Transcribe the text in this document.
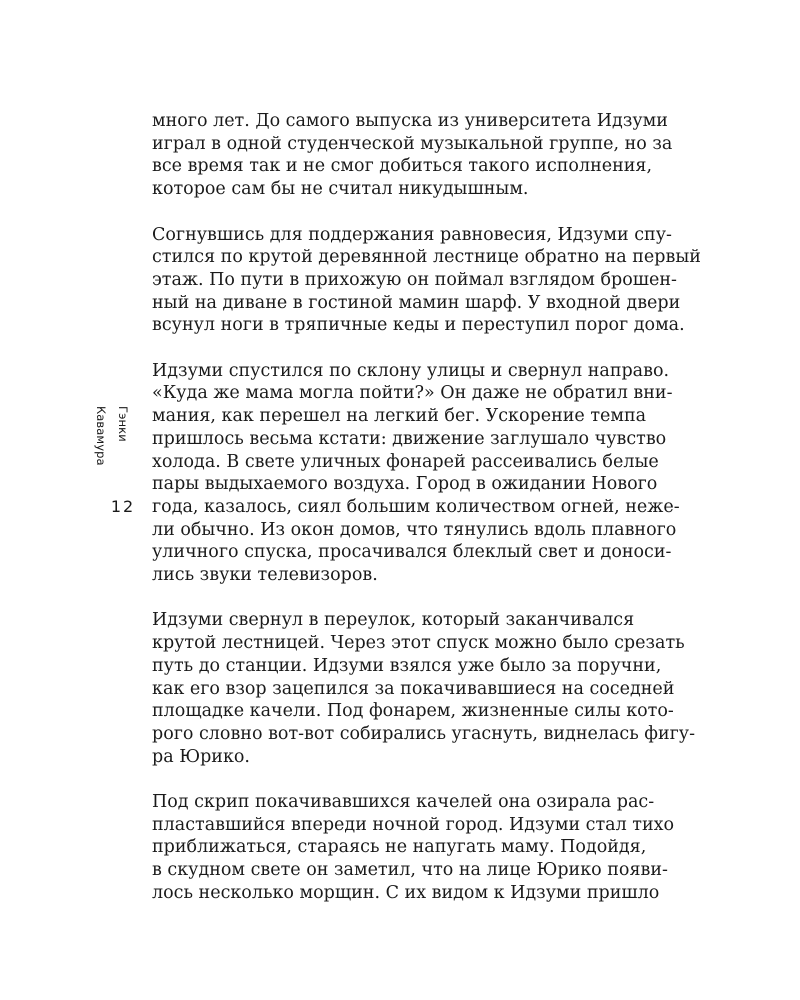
Гэнки Кавамура
12

много лет. До самого выпуска из университета Идзуми
играл в одной студенческой музыкальной группе, но за
все время так и не смог добиться такого исполнения,
которое сам бы не считал никудышным.

Согнувшись для поддержания равновесия, Идзуми спу-
стился по крутой деревянной лестнице обратно на первый
этаж. По пути в прихожую он поймал взглядом брошен-
ный на диване в гостиной мамин шарф. У входной двери
всунул ноги в тряпичные кеды и переступил порог дома.

Идзуми спустился по склону улицы и свернул направо.
«Куда же мама могла пойти?» Он даже не обратил вни-
мания, как перешел на легкий бег. Ускорение темпа
пришлось весьма кстати: движение заглушало чувство
холода. В свете уличных фонарей рассеивались белые
пары выдыхаемого воздуха. Город в ожидании Нового
года, казалось, сиял большим количеством огней, неже-
ли обычно. Из окон домов, что тянулись вдоль плавного
уличного спуска, просачивался блеклый свет и доноси-
лись звуки телевизоров.

Идзуми свернул в переулок, который заканчивался
крутой лестницей. Через этот спуск можно было срезать
путь до станции. Идзуми взялся уже было за поручни,
как его взор зацепился за покачивавшиеся на соседней
площадке качели. Под фонарем, жизненные силы кото-
рого словно вот-вот собирались угаснуть, виднелась фигу-
ра Юрико.

Под скрип покачивавшихся качелей она озирала рас-
пластавшийся впереди ночной город. Идзуми стал тихо
приближаться, стараясь не напугать маму. Подойдя,
в скудном свете он заметил, что на лице Юрико появи-
лось несколько морщин. С их видом к Идзуми пришло
